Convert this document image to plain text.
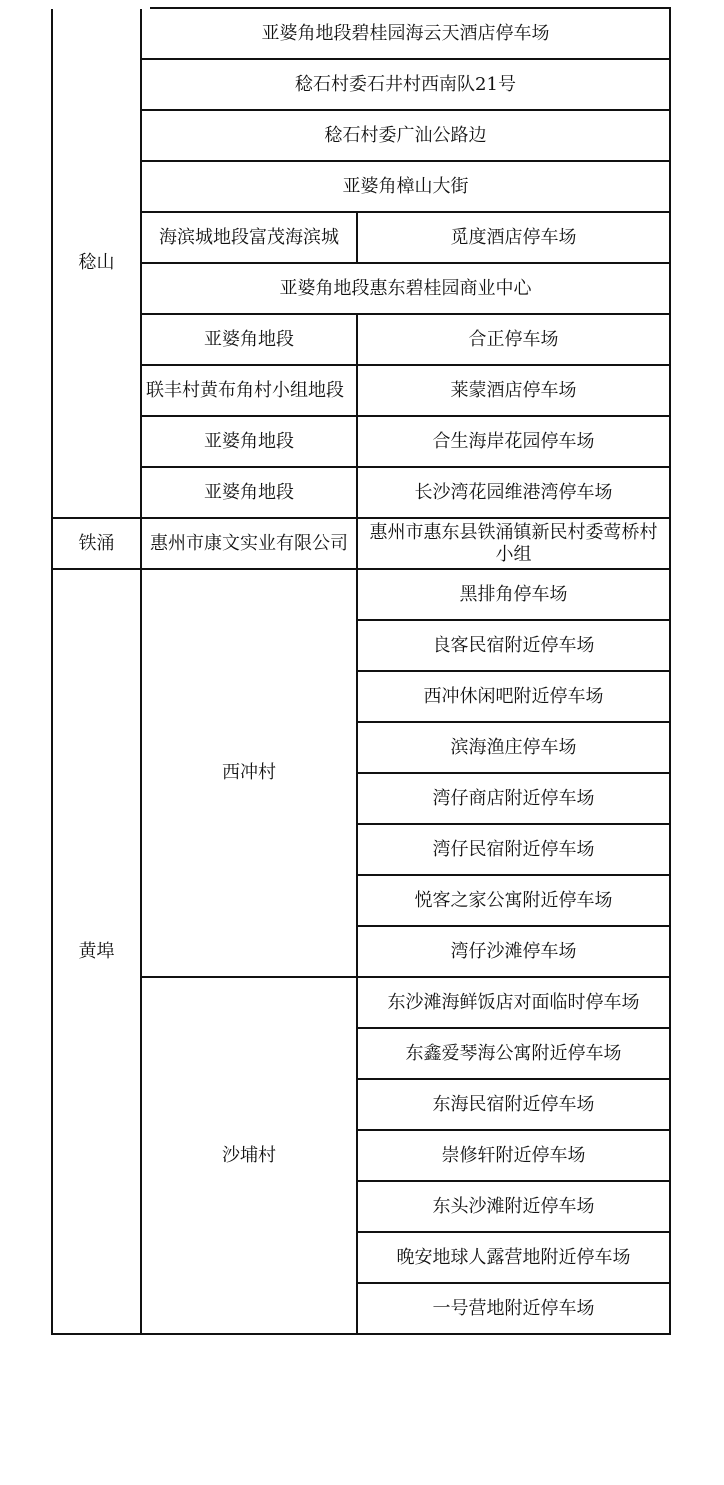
稔山	亚婆角地段碧桂园海云天酒店停车场	
	稔石村委石井村西南队21号	
	稔石村委广汕公路边	
	亚婆角樟山大街	
	海滨城地段富茂海滨城	觅度酒店停车场
	亚婆角地段惠东碧桂园商业中心	
	亚婆角地段	合正停车场
	联丰村黄布角村小组地段	莱蒙酒店停车场
	亚婆角地段	合生海岸花园停车场
	亚婆角地段	长沙湾花园维港湾停车场
铁涌	惠州市康文实业有限公司	惠州市惠东县铁涌镇新民村委莺桥村小组
黄埠	西冲村	黑排角停车场
		良客民宿附近停车场
		西冲休闲吧附近停车场
		滨海渔庄停车场
		湾仔商店附近停车场
		湾仔民宿附近停车场
		悦客之家公寓附近停车场
		湾仔沙滩停车场
	沙埔村	东沙滩海鲜饭店对面临时停车场
		东鑫爱琴海公寓附近停车场
		东海民宿附近停车场
		崇修轩附近停车场
		东头沙滩附近停车场
		晚安地球人露营地附近停车场
		一号营地附近停车场
